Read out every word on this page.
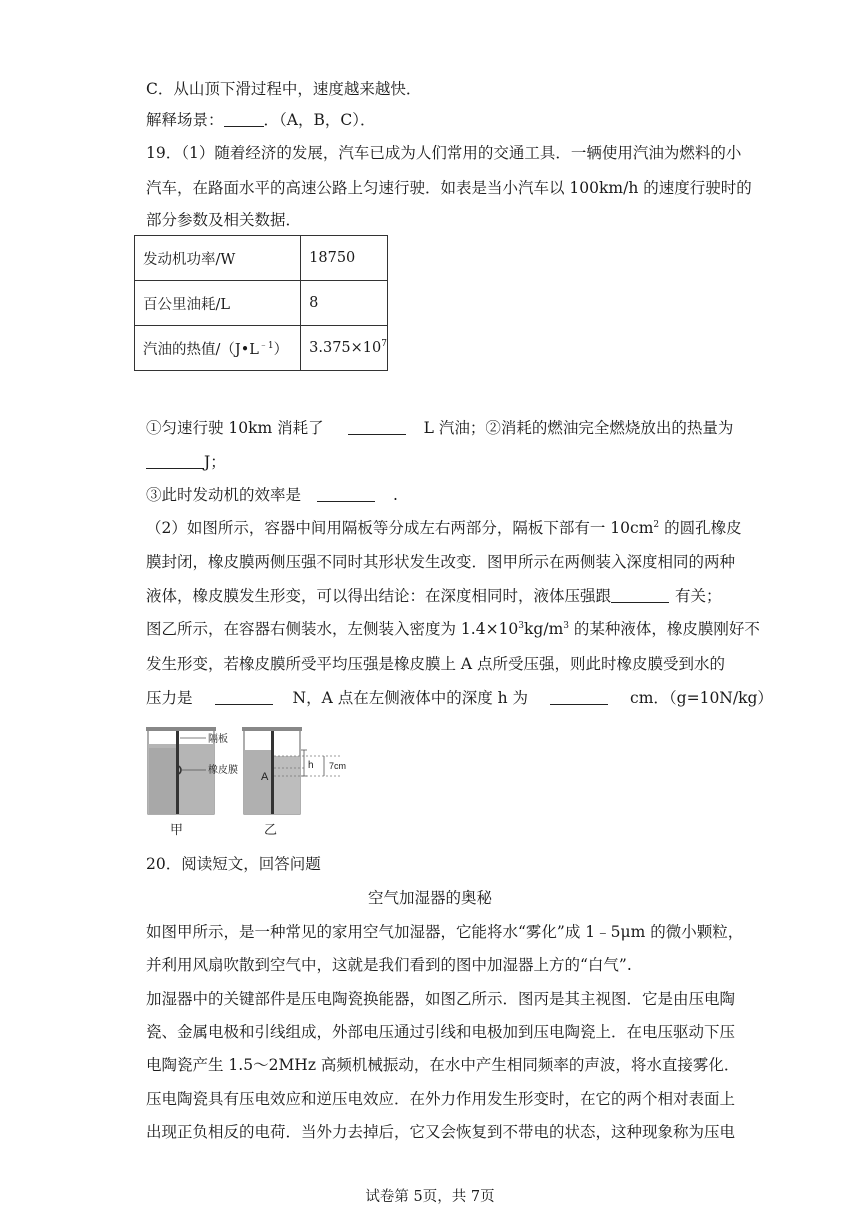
C．从山顶下滑过程中，速度越来越快．
解释场景：	．（A，B，C）．
19．（1）随着经济的发展，汽车已成为人们常用的交通工具．一辆使用汽油为燃料的小
汽车，在路面水平的高速公路上匀速行驶．如表是当小汽车以 100km/h 的速度行驶时的
部分参数及相关数据．
发动机功率/W	18750
百公里油耗/L	8
汽油的热值$/(J•L^{﹣1})$	$3.375\times 10^7$
①匀速行驶 10km 消耗了	L 汽油；②消耗的燃油完全燃烧放出的热量为
J；
③此时发动机的效率是	.
（2）如图所示，容器中间用隔板等分成左右两部分，隔板下部有一 $10cm^2$ 的圆孔橡皮
膜封闭，橡皮膜两侧压强不同时其形状发生改变．图甲所示在两侧装入深度相同的两种
液体，橡皮膜发生形变，可以得出结论：在深度相同时，液体压强跟	有关；
图乙所示，在容器右侧装水，左侧装入密度为 $1.4\times 10^3kg/m^3$ 的某种液体，橡皮膜刚好不
发生形变，若橡皮膜所受平均压强是橡皮膜上 A 点所受压强，则此时橡皮膜受到水的
压力是	N，A 点在左侧液体中的深度 h 为	cm．（g=10N/kg）
隔板
橡皮膜
A
h 7cm
甲	乙
20．阅读短文，回答问题
空气加湿器的奥秘
如图甲所示，是一种常见的家用空气加湿器，它能将水“雾化”成 1﹣5μm 的微小颗粒，
并利用风扇吹散到空气中，这就是我们看到的图中加湿器上方的“白气”.
加湿器中的关键部件是压电陶瓷换能器，如图乙所示．图丙是其主视图．它是由压电陶
瓷、金属电极和引线组成，外部电压通过引线和电极加到压电陶瓷上．在电压驱动下压
电陶瓷产生 1.5～2MHz 高频机械振动，在水中产生相同频率的声波，将水直接雾化．
压电陶瓷具有压电效应和逆压电效应．在外力作用发生形变时，在它的两个相对表面上
出现正负相反的电荷．当外力去掉后，它又会恢复到不带电的状态，这种现象称为压电
试卷第 5页，共 7页
